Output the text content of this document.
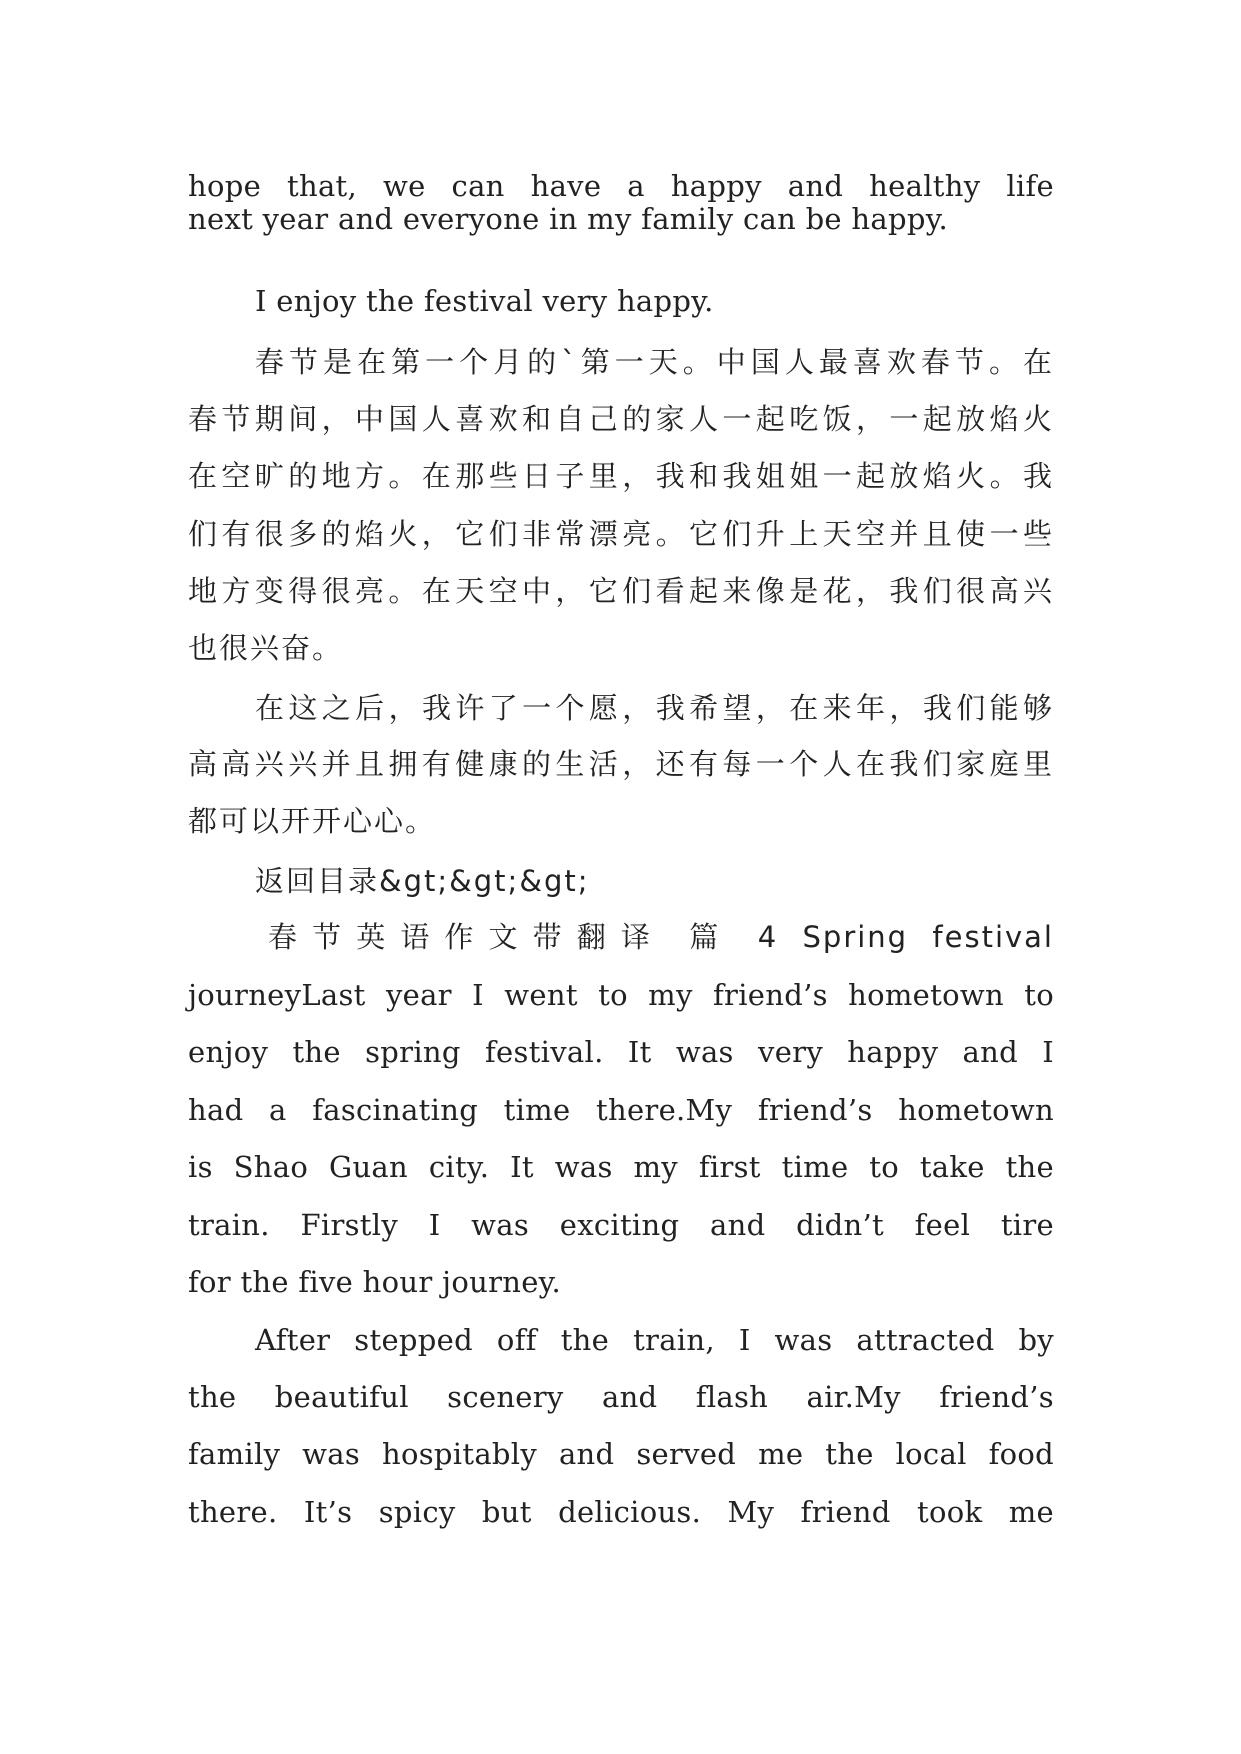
hope that, we can have a happy and healthy life
next year and everyone in my family can be happy.
I enjoy the festival very happy.
春节是在第一个月的`第一天。中国人最喜欢春节。在
春节期间，中国人喜欢和自己的家人一起吃饭，一起放焰火
在空旷的地方。在那些日子里，我和我姐姐一起放焰火。我
们有很多的焰火，它们非常漂亮。它们升上天空并且使一些
地方变得很亮。在天空中，它们看起来像是花，我们很高兴
也很兴奋。
在这之后，我许了一个愿，我希望，在来年，我们能够
高高兴兴并且拥有健康的生活，还有每一个人在我们家庭里
都可以开开心心。
返回目录&gt;&gt;&gt;
春节英语作文带翻译 篇 4 Spring festival
journeyLast year I went to my friend’s hometown to
enjoy the spring festival. It was very happy and I
had a fascinating time there.My friend’s hometown
is Shao Guan city. It was my first time to take the
train. Firstly I was exciting and didn’t feel tire
for the five hour journey.
After stepped off the train, I was attracted by
the beautiful scenery and flash air.My friend’s
family was hospitably and served me the local food
there. It’s spicy but delicious. My friend took me
